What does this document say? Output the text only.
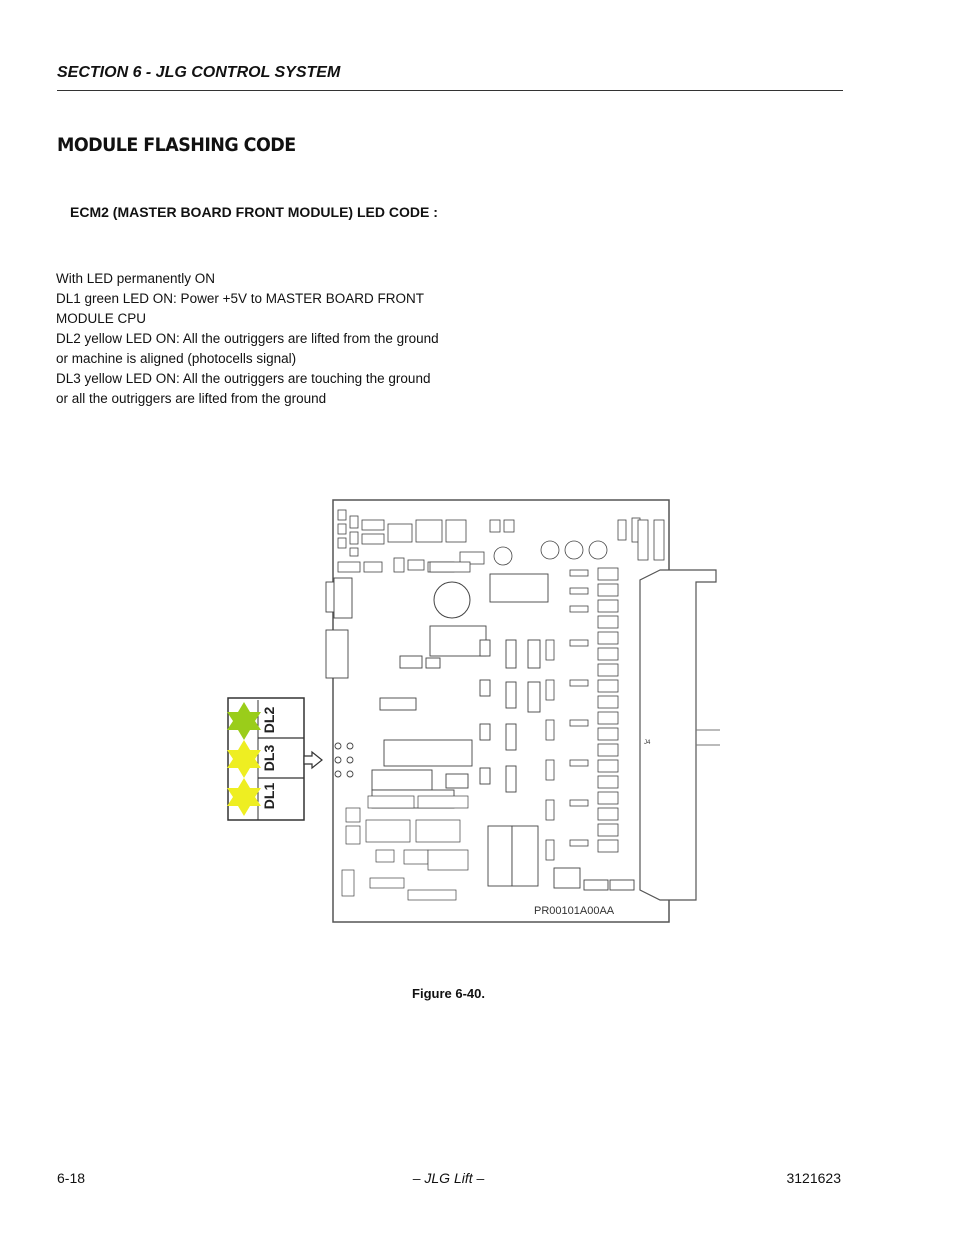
SECTION 6 - JLG CONTROL SYSTEM
MODULE FLASHING CODE
ECM2 (MASTER BOARD FRONT MODULE) LED CODE :
With LED permanently ON
DL1 green LED ON: Power +5V to MASTER BOARD FRONT MODULE CPU
DL2 yellow LED ON: All the outriggers are lifted from the ground or machine is aligned (photocells signal)
DL3 yellow LED ON: All the outriggers are touching the ground or all the outriggers are lifted from the ground
J4
DL2
DL3
DL1
PR00101A00AA
Figure 6-40.
6-18	– JLG Lift –	3121623
